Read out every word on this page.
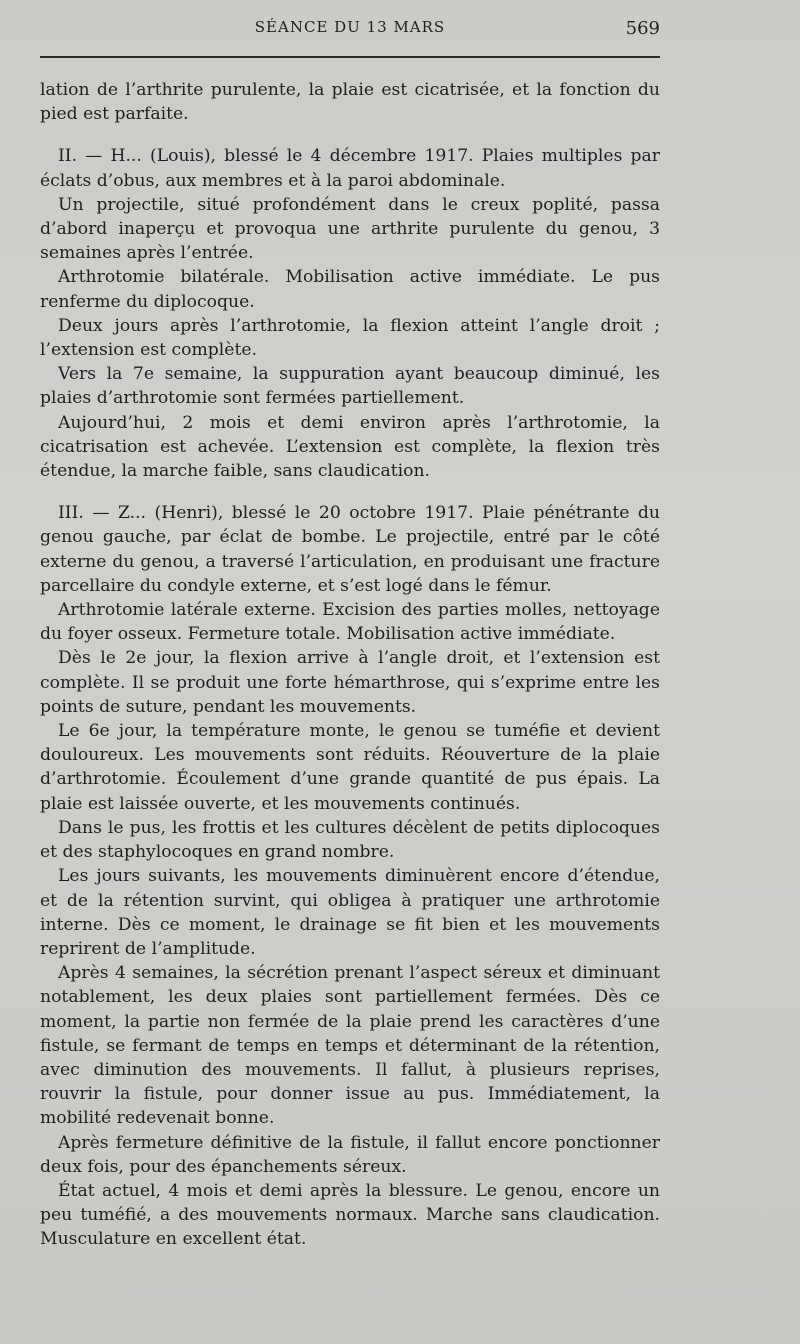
SÉANCE DU 13 MARS	569

lation de l’arthrite purulente, la plaie est cicatrisée, et la fonction du pied est parfaite.

II. — H... (Louis), blessé le 4 décembre 1917. Plaies multiples par éclats d’obus, aux membres et à la paroi abdominale.

Un projectile, situé profondément dans le creux poplité, passa d’abord inaperçu et provoqua une arthrite purulente du genou, 3 semaines après l’entrée.

Arthrotomie bilatérale. Mobilisation active immédiate. Le pus renferme du diplocoque.

Deux jours après l’arthrotomie, la flexion atteint l’angle droit ; l’extension est complète.

Vers la 7e semaine, la suppuration ayant beaucoup diminué, les plaies d’arthrotomie sont fermées partiellement.

Aujourd’hui, 2 mois et demi environ après l’arthrotomie, la cicatrisation est achevée. L’extension est complète, la flexion très étendue, la marche faible, sans claudication.

III. — Z... (Henri), blessé le 20 octobre 1917. Plaie pénétrante du genou gauche, par éclat de bombe. Le projectile, entré par le côté externe du genou, a traversé l’articulation, en produisant une fracture parcellaire du condyle externe, et s’est logé dans le fémur.

Arthrotomie latérale externe. Excision des parties molles, nettoyage du foyer osseux. Fermeture totale. Mobilisation active immédiate.

Dès le 2e jour, la flexion arrive à l’angle droit, et l’extension est complète. Il se produit une forte hémarthrose, qui s’exprime entre les points de suture, pendant les mouvements.

Le 6e jour, la température monte, le genou se tuméfie et devient douloureux. Les mouvements sont réduits. Réouverture de la plaie d’arthrotomie. Écoulement d’une grande quantité de pus épais. La plaie est laissée ouverte, et les mouvements continués.

Dans le pus, les frottis et les cultures décèlent de petits diplocoques et des staphylocoques en grand nombre.

Les jours suivants, les mouvements diminuèrent encore d’étendue, et de la rétention survint, qui obligea à pratiquer une arthrotomie interne. Dès ce moment, le drainage se fit bien et les mouvements reprirent de l’amplitude.

Après 4 semaines, la sécrétion prenant l’aspect séreux et diminuant notablement, les deux plaies sont partiellement fermées. Dès ce moment, la partie non fermée de la plaie prend les caractères d’une fistule, se fermant de temps en temps et déterminant de la rétention, avec diminution des mouvements. Il fallut, à plusieurs reprises, rouvrir la fistule, pour donner issue au pus. Immédiatement, la mobilité redevenait bonne.

Après fermeture définitive de la fistule, il fallut encore ponctionner deux fois, pour des épanchements séreux.

État actuel, 4 mois et demi après la blessure. Le genou, encore un peu tuméfié, a des mouvements normaux. Marche sans claudication. Musculature en excellent état.
